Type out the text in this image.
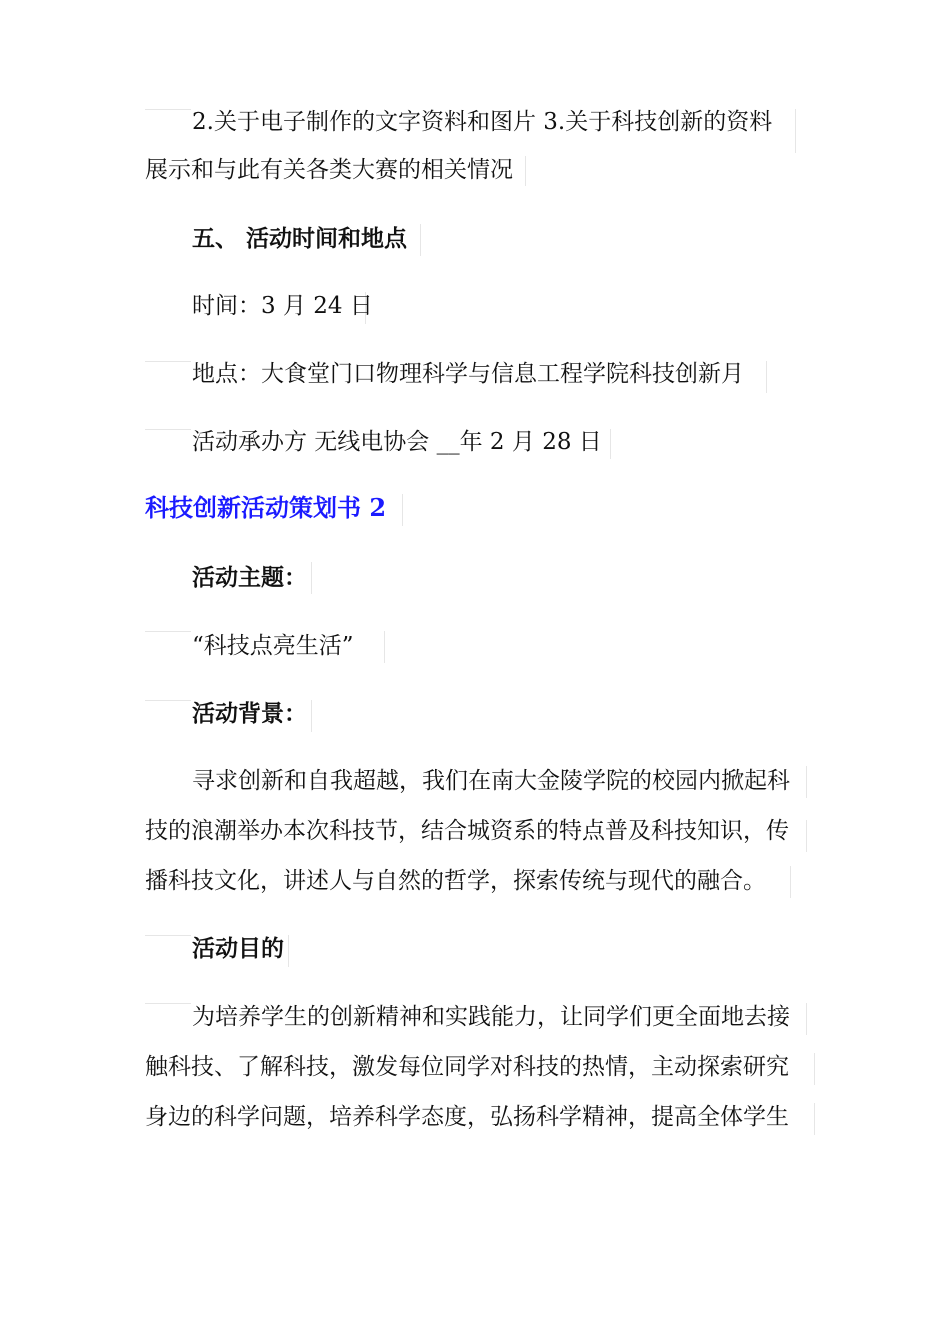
2.关于电子制作的文字资料和图片 3.关于科技创新的资料
展示和与此有关各类大赛的相关情况
五、 活动时间和地点
时间：3 月 24 日
地点：大食堂门口物理科学与信息工程学院科技创新月
活动承办方 无线电协会 __年 2 月 28 日
科技创新活动策划书 2
活动主题：
“科技点亮生活”
活动背景：
寻求创新和自我超越，我们在南大金陵学院的校园内掀起科
技的浪潮举办本次科技节，结合城资系的特点普及科技知识，传
播科技文化，讲述人与自然的哲学，探索传统与现代的融合。
活动目的
为培养学生的创新精神和实践能力，让同学们更全面地去接
触科技、了解科技，激发每位同学对科技的热情，主动探索研究
身边的科学问题，培养科学态度，弘扬科学精神，提高全体学生
